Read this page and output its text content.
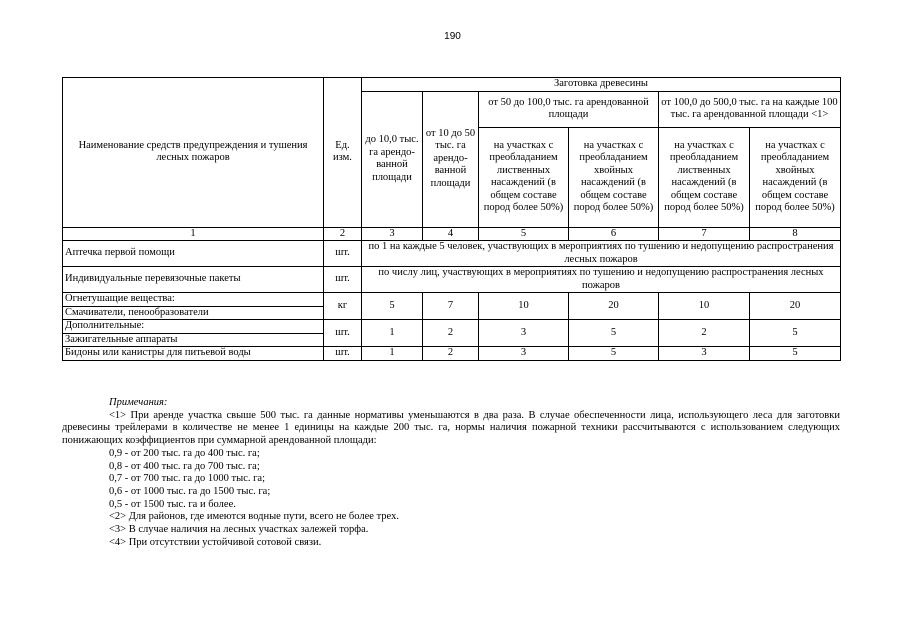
190
Наименование средств предупреждения и тушения лесных пожаров	Ед. изм.	Заготовка древесины					
		до 10,0 тыс. га арендо-ванной площади	от 10 до 50 тыс. га арендо-ванной площади	от 50 до 100,0 тыс. га арендованной площади		от 100,0 до 500,0 тыс. га на каждые 100 тыс. га арендованной площади <1>	

				на участках с преобладанием лиственных насаждений (в общем составе пород более 50%)	на участках с преобладанием хвойных насаждений (в общем составе пород более 50%)	на участках с преобладанием лиственных насаждений (в общем составе пород более 50%)	на участках с преобладанием хвойных насаждений (в общем составе пород более 50%)
1	2	3	4	5	6	7	8
Аптечка первой помощи	шт.	по 1 на каждые 5 человек, участвующих в мероприятиях по тушению и недопущению распространения лесных пожаров					
Индивидуальные перевязочные пакеты	шт.	по числу лиц, участвующих в мероприятиях по тушению и недопущению распространения лесных пожаров					
Огнетушащие вещества:	кг	5	7	10	20	10	20
Смачиватели, пенообразователи							
Дополнительные:	шт.	1	2	3	5	2	5
Зажигательные аппараты							
Бидоны или канистры для питьевой воды	шт.	1	2	3	5	3	5

Примечания:

<1> При аренде участка свыше 500 тыс. га данные нормативы уменьшаются в два раза. В случае обеспеченности лица, использующего леса для заготовки древесины трейлерами в количестве не менее 1 единицы на каждые 200 тыс. га, нормы наличия пожарной техники рассчитываются с использованием следующих понижающих коэффициентов при суммарной арендованной площади:

0,9 - от 200 тыс. га до 400 тыс. га;

0,8 - от 400 тыс. га до 700 тыс. га;

0,7 - от 700 тыс. га до 1000 тыс. га;

0,6 - от 1000 тыс. га до 1500 тыс. га;

0,5 - от 1500 тыс. га и более.

<2> Для районов, где имеются водные пути, всего не более трех.

<3> В случае наличия на лесных участках залежей торфа.

<4> При отсутствии устойчивой сотовой связи.
